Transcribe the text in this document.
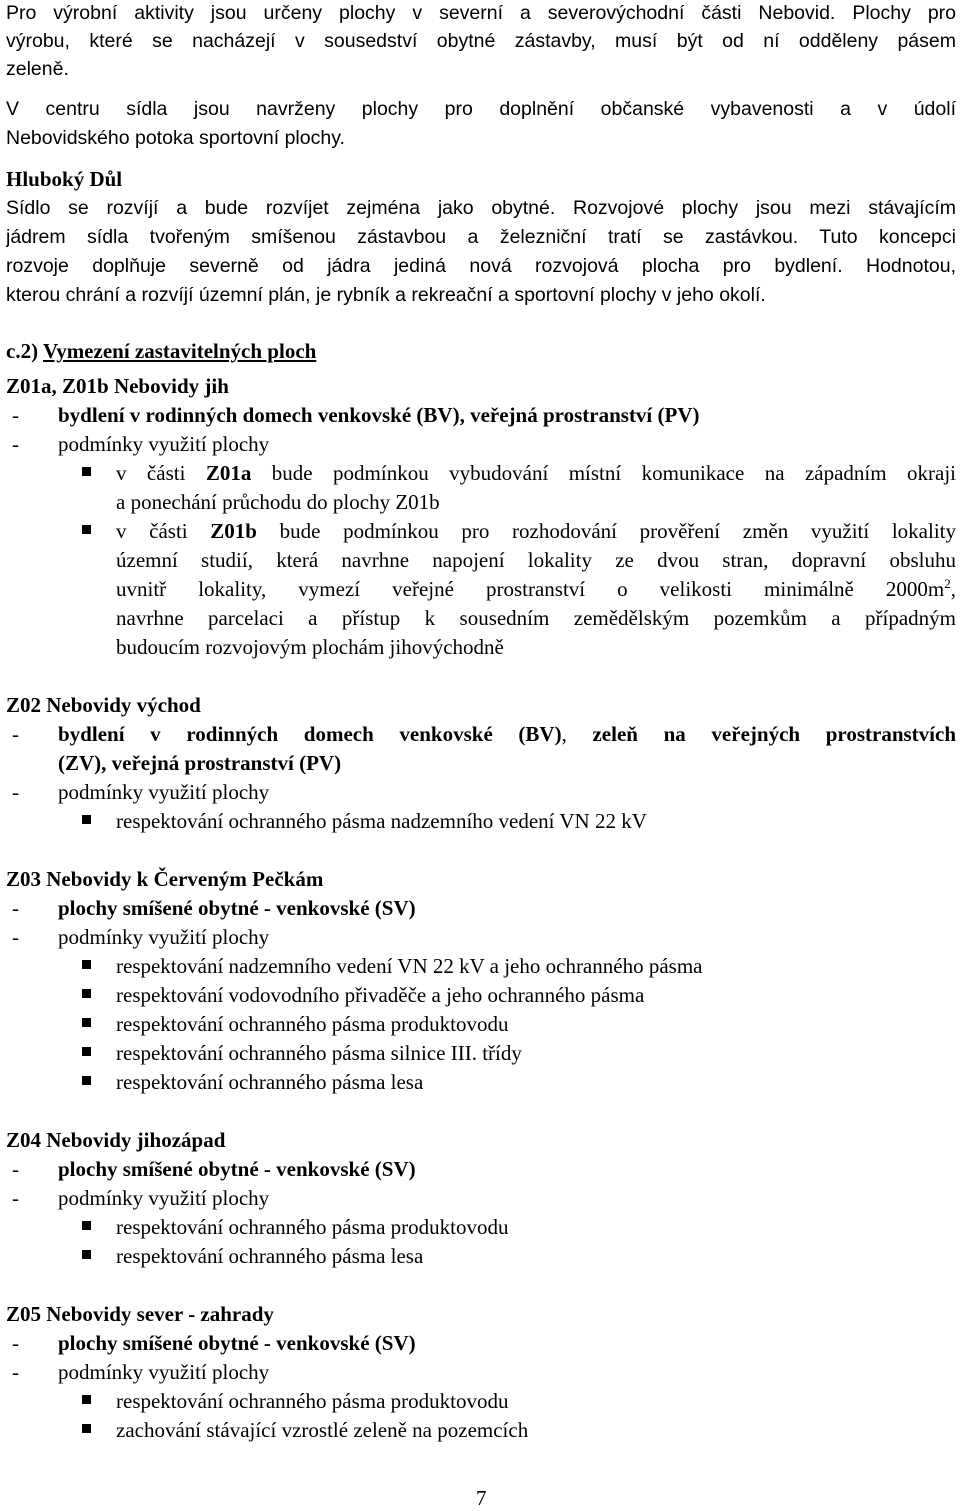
Pro výrobní aktivity jsou určeny plochy v severní a severovýchodní části Nebovid. Plochy pro
výrobu, které se nacházejí v sousedství obytné zástavby, musí být od ní odděleny pásem
zeleně.
V centru sídla jsou navrženy plochy pro doplnění občanské vybavenosti a v údolí
Nebovidského potoka sportovní plochy.
Hluboký Důl
Sídlo se rozvíjí a bude rozvíjet zejména jako obytné. Rozvojové plochy jsou mezi stávajícím
jádrem sídla tvořeným smíšenou zástavbou a železniční tratí se zastávkou. Tuto koncepci
rozvoje doplňuje severně od jádra jediná nová rozvojová plocha pro bydlení. Hodnotou,
kterou chrání a rozvíjí územní plán, je rybník a rekreační a sportovní plochy v jeho okolí.
c.2) Vymezení zastavitelných ploch
Z01a, Z01b Nebovidy jih
- bydlení v rodinných domech venkovské (BV), veřejná prostranství (PV)
- podmínky využití plochy
v části Z01a bude podmínkou vybudování místní komunikace na západním okraji
a ponechání průchodu do plochy Z01b
v části Z01b bude podmínkou pro rozhodování prověření změn využití lokality
územní studií, která navrhne napojení lokality ze dvou stran, dopravní obsluhu
uvnitř lokality, vymezí veřejné prostranství o velikosti minimálně $2000m^2$,
navrhne parcelaci a přístup k sousedním zemědělským pozemkům a případným
budoucím rozvojovým plochám jihovýchodně
Z02 Nebovidy východ
- bydlení v rodinných domech venkovské (BV), zeleň na veřejných prostranstvích
(ZV), veřejná prostranství (PV)
- podmínky využití plochy
respektování ochranného pásma nadzemního vedení VN 22 kV
Z03 Nebovidy k Červeným Pečkám
- plochy smíšené obytné - venkovské (SV)
- podmínky využití plochy
respektování nadzemního vedení VN 22 kV a jeho ochranného pásma
respektování vodovodního přivaděče a jeho ochranného pásma
respektování ochranného pásma produktovodu
respektování ochranného pásma silnice III. třídy
respektování ochranného pásma lesa
Z04 Nebovidy jihozápad
- plochy smíšené obytné - venkovské (SV)
- podmínky využití plochy
respektování ochranného pásma produktovodu
respektování ochranného pásma lesa
Z05 Nebovidy sever - zahrady
- plochy smíšené obytné - venkovské (SV)
- podmínky využití plochy
respektování ochranného pásma produktovodu
zachování stávající vzrostlé zeleně na pozemcích
7
